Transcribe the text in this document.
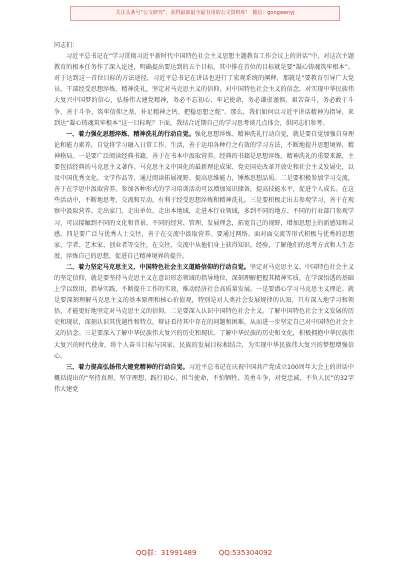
关注头条号“公文研究”，获得最新最全最有用的公文资料库！ 微信：gongwenyj

同志们：

习近平总书记在“学习贯彻习近平新时代中国特色社会主义思想主题教育工作会议上的讲话”中，对这次主题教育的根本任务作了深入论述，明确提出要达到的五个目标，其中排在首位的目标就是要“凝心铸魂筑牢根本”。对于达到这一首位目标的方法途径，习近平总书记在讲话也进行了宏观系统的阐释，那就是“要教育引导广大党员、干部经受思想淬炼、精神洗礼，坚定对马克思主义的信仰，对中国特色社会主义的信念，对实现中华民族伟大复兴中国梦的信心，弘扬伟大建党精神，务必不忘初心、牢记使命，务必谦虚谨慎、艰苦奋斗，务必敢于斗争、善于斗争，筑牢信仰之基、补足精神之钙、把稳思想之舵”。那么，我们如何以习近平讲话精神为指导，来到达“凝心铸魂筑牢根本”这一目标呢？下面，我结合近期自己的学习思考谈几点体会，供同志们参考。

一、着力强化思想淬炼、精神洗礼的行动自觉。强化思想淬炼、精神洗礼行动自觉，就是要自觉加强自身理论和能力素养，自觉将学习融入日常工作、生活，善于运用各种行之有效的学习方法，不断地提升思想境界，精神格局。一是要广泛阅读经典书籍，善于在书本中汲取营养。经典的书籍是思想淬炼、精神洗礼的重要来源，主要包括经典的马克思主义著作、马克思主义中国化的最新理论成果、党史国史改革开放史和社会主义发展史，以及中国优秀文化、文学作品等，通过阅读拓展视野、提高思维能力，锤炼思想品质。二是要积极参加学习交流，善于在学思中汲取营养。参加各种形式的学习培训活动可以增加知识储备，提高技能水平，促进个人成长。在这些活动中，不断地思考、交流和互动，有利于经受思想淬炼和精神洗礼。三是要积极走出去参观学习，善于在观察中汲取营养。走出家门、走出单位、走出本地域，走进本行业领域，多到不同的地方、不同的行业部门参观学习，可以接触到不同的文化和背景、不同的经营、管理、发展理念，拓宽自己的视野，增加思想上的新感知和灵感。四是要广泛与优秀人士交往，善于在交流中汲取营养。要通过网络、面对面交流等形式积极与优秀的思想家、学者、艺术家、创业者等交往，在交往、交流中从他们身上获得知识、经验，了解他们的思考方式和人生态度，淬炼自己的思想，促进自己精神境界的提升。

二、着力坚定马克思主义、中国特色社会主义道路信仰的行动自觉。坚定对马克思主义、中国特色社会主义的坚定信仰，就是要坚持马克思主义在意识形态领域的指导地位，深刻理解把握其精神实质，在学深悟透的基础上学以致用，指导实践，不断提升工作的实效，推动经济社会高质量发展。一是要潜心学习马克思主义理论。就是要深刻理解马克思主义的基本原理和核心价值观，特别是对人类社会发展规律的认知，只有深入地学习和领悟，才能更好地坚定对马克思主义的信仰。二是要深入认识中国特色社会主义。了解中国特色社会主义发展的历史和现状，深刻认识其优越性和特点，辩证看待其中存在的问题和困难，从而进一步坚定自己对中国特色社会主义的信念。三是要深入了解中华民族伟大复兴的历史和现状。了解中华民族的历史和文化，积极拥抱中华民族伟大复兴的时代使命，将个人奋斗目标与国家、民族的发展目标相结合，为实现中华民族伟大复兴的梦想增强信心。

三、着力提高弘扬伟大建党精神的行动自觉。习近平总书记在庆祝中国共产党成立100周年大会上的讲话中概括提出的“坚持真理、坚守理想，践行初心、担当使命，不怕牺牲、英勇斗争，对党忠诚、不负人民”的32字伟大建党

QQ群：31991489	QQ:535304092
